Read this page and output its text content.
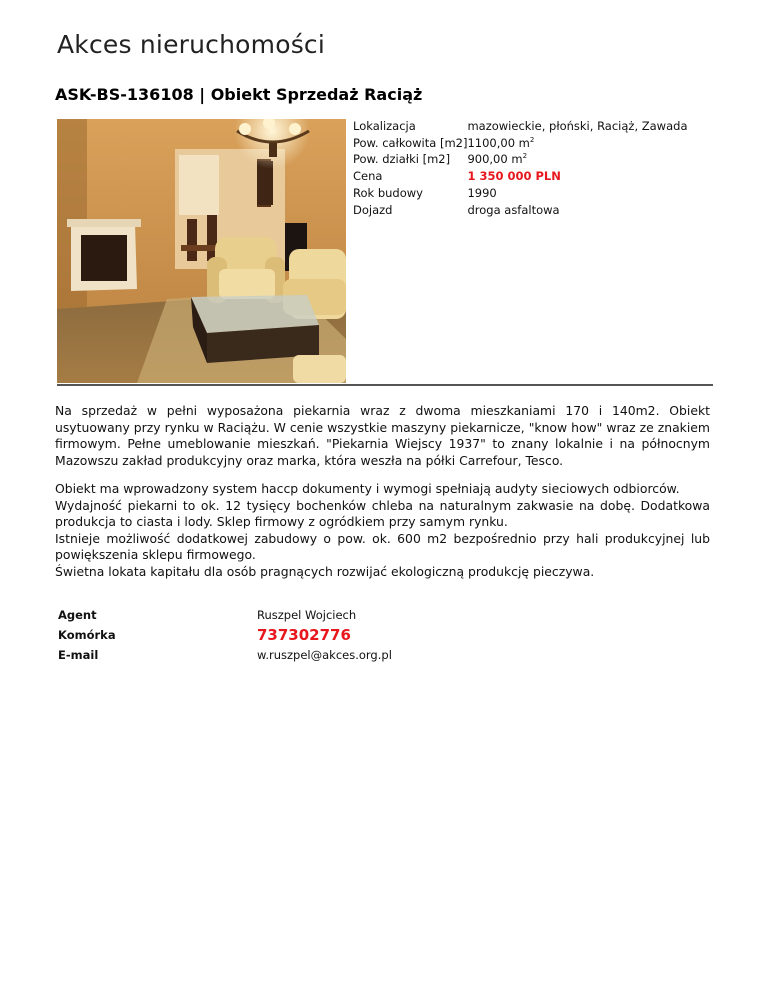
Akces nieruchomości
ASK-BS-136108 | Obiekt Sprzedaż Raciąż
Lokalizacja	mazowieckie, płoński, Raciąż, Zawada
Pow. całkowita [m2]	1100,00 $m^2$
Pow. działki [m2]	900,00 $m^2$
Cena	1 350 000 PLN
Rok budowy	1990
Dojazd	droga asfaltowa

Na sprzedaż w pełni wyposażona piekarnia wraz z dwoma mieszkaniami 170 i 140m2. Obiekt usytuowany przy rynku w Raciążu. W cenie wszystkie maszyny piekarnicze, "know how" wraz ze znakiem firmowym. Pełne umeblowanie mieszkań. "Piekarnia Wiejscy 1937" to znany lokalnie i na północnym Mazowszu zakład produkcyjny oraz marka, która weszła na półki Carrefour, Tesco.

Obiekt ma wprowadzony system haccp dokumenty i wymogi spełniają audyty sieciowych odbiorców.
Wydajność piekarni to ok. 12 tysięcy bochenków chleba na naturalnym zakwasie na dobę. Dodatkowa
produkcja to ciasta i lody. Sklep firmowy z ogródkiem przy samym rynku.
Istnieje możliwość dodatkowej zabudowy o pow. ok. 600 m2 bezpośrednio przy hali produkcyjnej lub
powiększenia sklepu firmowego.
Świetna lokata kapitału dla osób pragnących rozwijać ekologiczną produkcję pieczywa.

Agent	Ruszpel Wojciech
Komórka	737302776
E-mail	w.ruszpel@akces.org.pl
